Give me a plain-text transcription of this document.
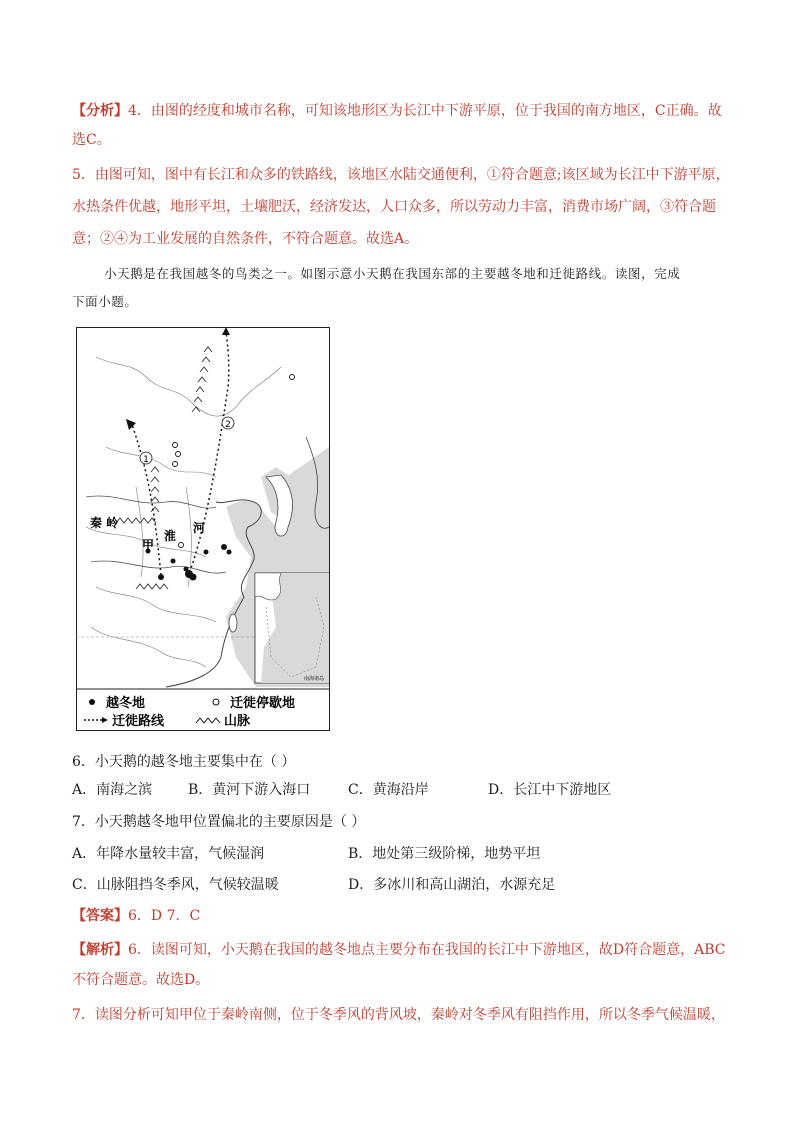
【分析】4．由图的经度和城市名称，可知该地形区为长江中下游平原，位于我国的南方地区，C正确。故
选C。
5．由图可知，图中有长江和众多的铁路线，该地区水陆交通便利，①符合题意;该区域为长江中下游平原，
水热条件优越，地形平坦，土壤肥沃，经济发达，人口众多，所以劳动力丰富，消费市场广阔，③符合题
意；②④为工业发展的自然条件，不符合题意。故选A。
小天鹅是在我国越冬的鸟类之一。如图示意小天鹅在我国东部的主要越冬地和迁徙路线。读图，完成
下面小题。
1
2
秦 岭
甲
淮
河
南海诸岛
越冬地	迁徙停歇地
迁徙路线	山脉
6．小天鹅的越冬地主要集中在（ ）
A．南海之滨	B．黄河下游入海口	C．黄海沿岸	D．长江中下游地区
7．小天鹅越冬地甲位置偏北的主要原因是（ ）
A．年降水量较丰富，气候湿润	B．地处第三级阶梯，地势平坦
C．山脉阻挡冬季风，气候较温暖	D．多冰川和高山湖泊，水源充足
【答案】6．D 7．C
【解析】6．读图可知，小天鹅在我国的越冬地点主要分布在我国的长江中下游地区，故D符合题意，ABC
不符合题意。故选D。
7．读图分析可知甲位于秦岭南侧，位于冬季风的背风坡，秦岭对冬季风有阻挡作用，所以冬季气候温暖，
